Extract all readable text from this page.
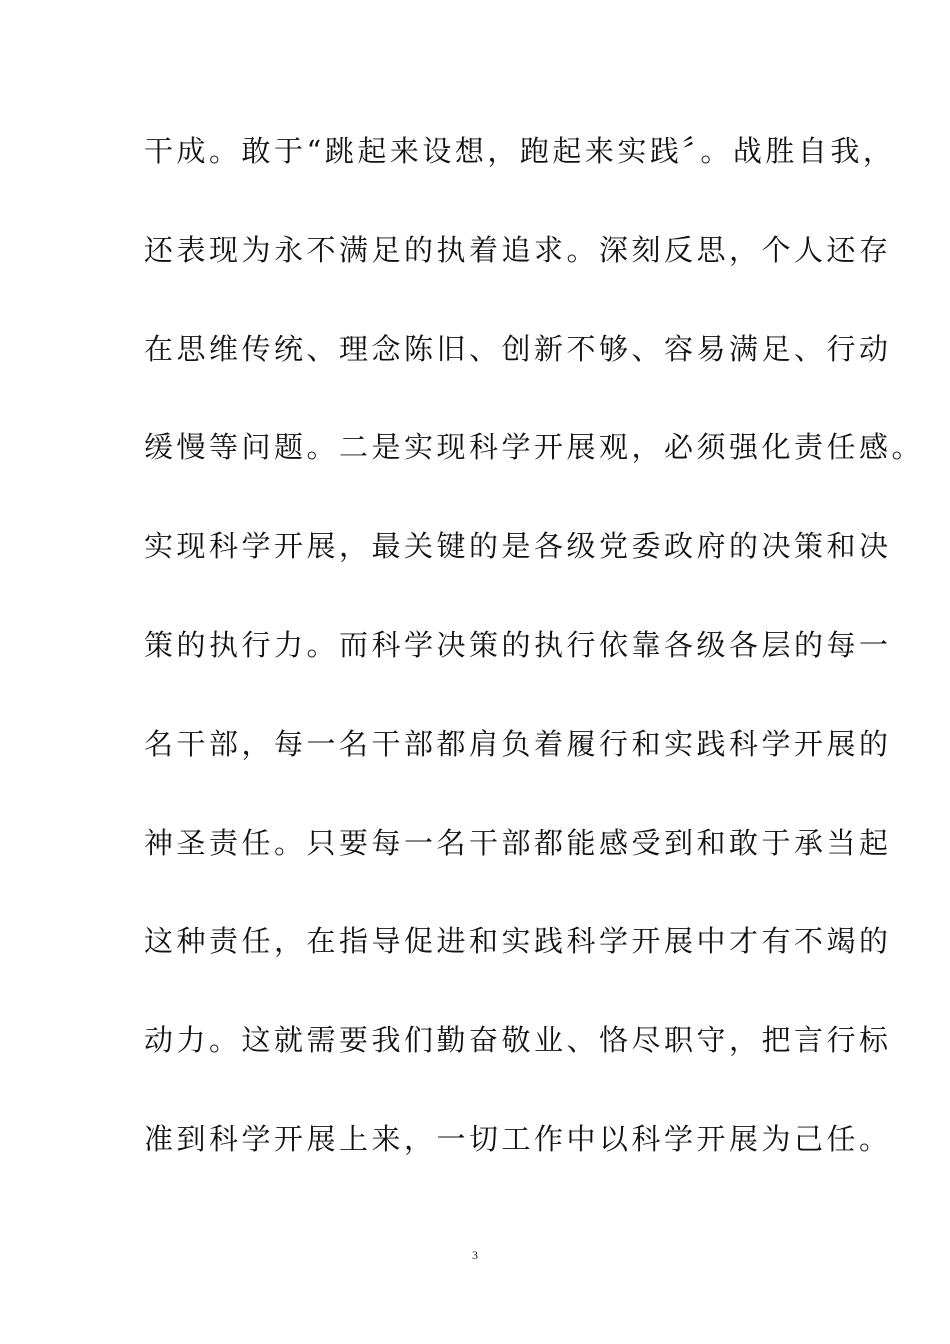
干成。敢于“跳起来设想，跑起来实践〞。战胜自我，
还表现为永不满足的执着追求。深刻反思，个人还存
在思维传统、理念陈旧、创新不够、容易满足、行动
缓慢等问题。二是实现科学开展观，必须强化责任感。
实现科学开展，最关键的是各级党委政府的决策和决
策的执行力。而科学决策的执行依靠各级各层的每一
名干部，每一名干部都肩负着履行和实践科学开展的
神圣责任。只要每一名干部都能感受到和敢于承当起
这种责任，在指导促进和实践科学开展中才有不竭的
动力。这就需要我们勤奋敬业、恪尽职守，把言行标
准到科学开展上来，一切工作中以科学开展为己任。
3
